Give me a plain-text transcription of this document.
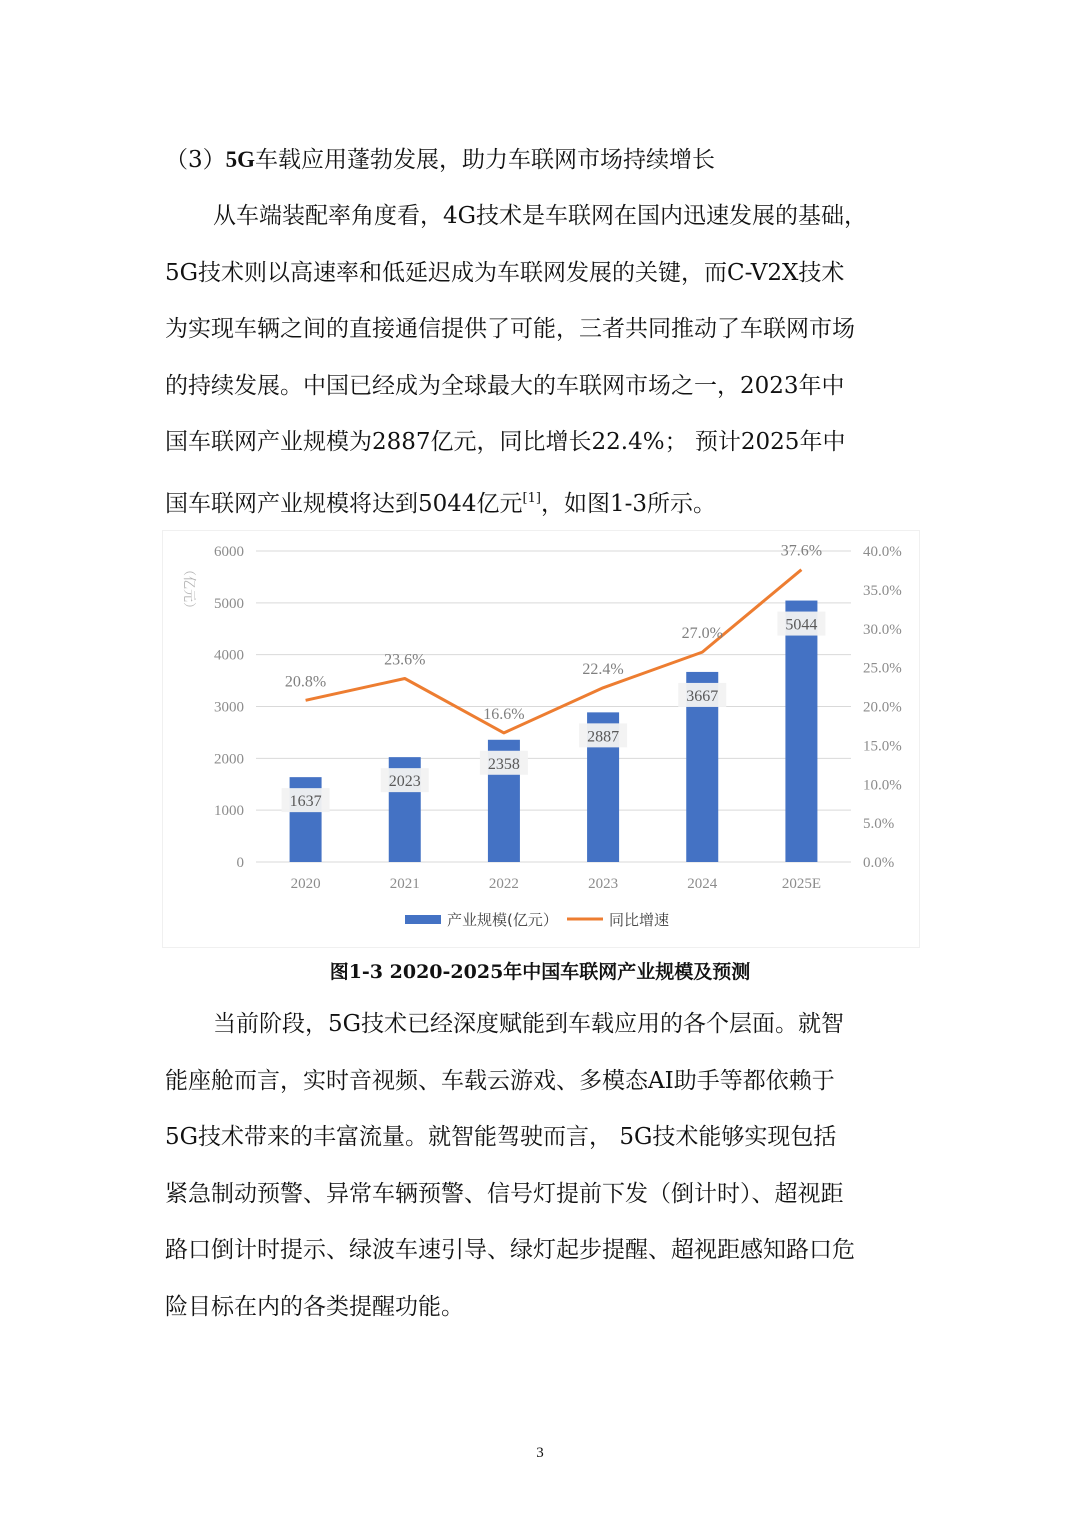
（3）5G车载应用蓬勃发展，助力车联网市场持续增长

从车端装配率角度看，4G技术是车联网在国内迅速发展的基础，
5G技术则以高速率和低延迟成为车联网发展的关键，而C-V2X技术
为实现车辆之间的直接通信提供了可能，三者共同推动了车联网市场
的持续发展。中国已经成为全球最大的车联网市场之一，2023年中
国车联网产业规模为2887亿元，同比增长22.4%； 预计2025年中
国车联网产业规模将达到5044亿元[1]，如图1-3所示。

0
1000
2000
3000
4000
5000
6000
0.0%
5.0%
10.0%
15.0%
20.0%
25.0%
30.0%
35.0%
40.0%
（亿元）
2020	2021	2022	2023	2024	2025E
1637
2023
2358
2887
3667
5044
20.8%
23.6%
16.6%
22.4%
27.0%
37.6%
产业规模(亿元）	同比增速
图1-3 2020-2025年中国车联网产业规模及预测

当前阶段，5G技术已经深度赋能到车载应用的各个层面。就智
能座舱而言，实时音视频、车载云游戏、多模态AI助手等都依赖于
5G技术带来的丰富流量。就智能驾驶而言， 5G技术能够实现包括
紧急制动预警、异常车辆预警、信号灯提前下发（倒计时）、超视距
路口倒计时提示、绿波车速引导、绿灯起步提醒、超视距感知路口危
险目标在内的各类提醒功能。

3
